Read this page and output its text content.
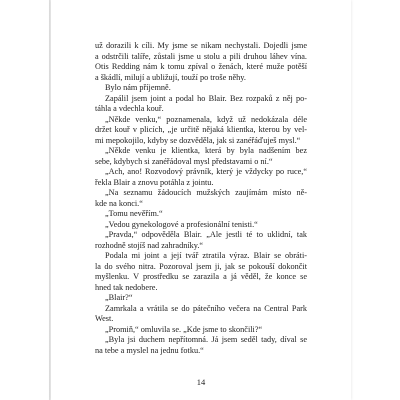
už dorazili k cíli. My jsme se nikam nechystali. Dojedli jsme
a odstrčili talíře, zůstali jsme u stolu a pili druhou láhev vína.
Otis Redding nám k tomu zpíval o ženách, které muže potěší
a škádlí, milují a ubližují, touží po troše něhy.
Bylo nám příjemně.
Zapálil jsem joint a podal ho Blair. Bez rozpaků z něj po-
táhla a vdechla kouř.
„Někde venku,“ poznamenala, když už nedokázala déle
držet kouř v plicích, „je určitě nějaká klientka, kterou by vel-
mi mepokojilo, kdyby se dozvěděla, jak si zanéřáďuješ mysl.“
„Někde venku je klientka, která by byla nadšením bez
sebe, kdybych si zanéřádoval mysl představami o ní.“
„Ach, ano! Rozvodový právník, který je vždycky po ruce,“
řekla Blair a znovu potáhla z jointu.
„Na seznamu žádoucích mužských zaujímám místo ně-
kde na konci.“
„Tomu nevěřím.“
„Vedou gynekologové a profesionální tenisti.“
„Pravda,“ odpověděla Blair. „Ale jestli té to uklidní, tak
rozhodně stojíš nad zahradníky.“
Podala mi joint a její tvář ztratila výraz. Blair se obráti-
la do svého nitra. Pozoroval jsem ji, jak se pokouší dokončit
myšlenku. V prostředku se zarazila a já věděl, že konce se
hned tak nedobere.
„Blair?“
Zamrkala a vrátila se do pátečního večera na Central Park
West.
„Promiň,“ omluvila se. „Kde jsme to skončili?“
„Byla jsi duchem nepřítomná. Já jsem seděl tady, díval se
na tebe a myslel na jednu fotku.“
14
